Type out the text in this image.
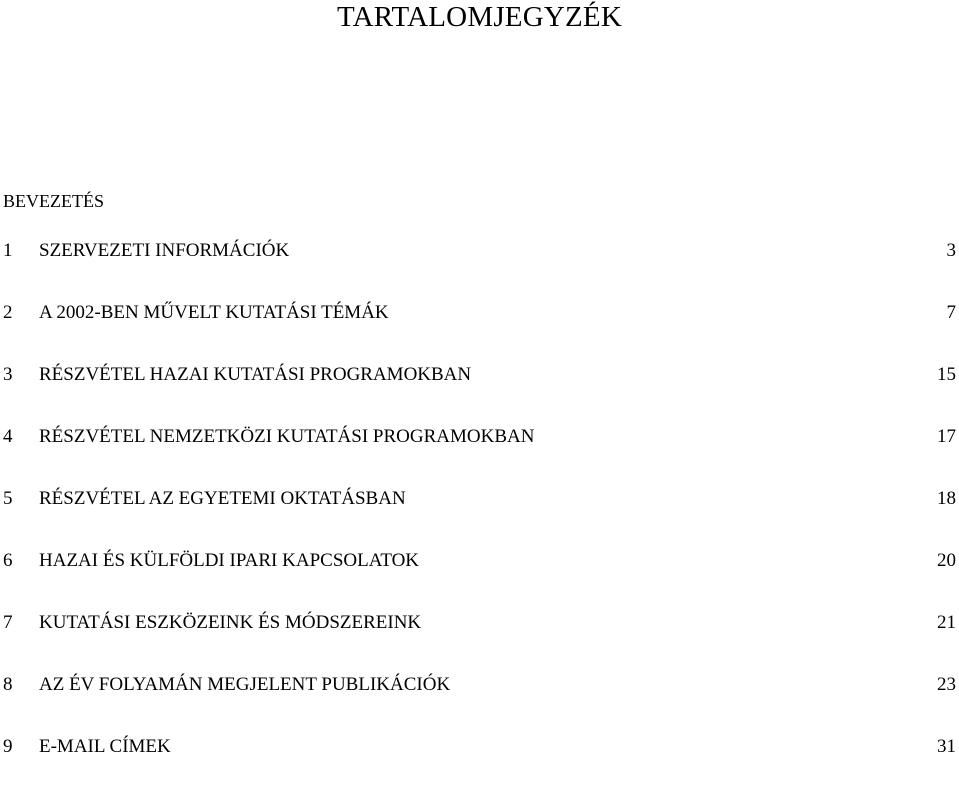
TARTALOMJEGYZÉK
BEVEZETÉS
1 SZERVEZETI INFORMÁCIÓK	3
2 A 2002-BEN MŰVELT KUTATÁSI TÉMÁK	7
3 RÉSZVÉTEL HAZAI KUTATÁSI PROGRAMOKBAN	15
4 RÉSZVÉTEL NEMZETKÖZI KUTATÁSI PROGRAMOKBAN	17
5 RÉSZVÉTEL AZ EGYETEMI OKTATÁSBAN	18
6 HAZAI ÉS KÜLFÖLDI IPARI KAPCSOLATOK	20
7 KUTATÁSI ESZKÖZEINK ÉS MÓDSZEREINK	21
8 AZ ÉV FOLYAMÁN MEGJELENT PUBLIKÁCIÓK	23
9 E-MAIL CÍMEK	31
